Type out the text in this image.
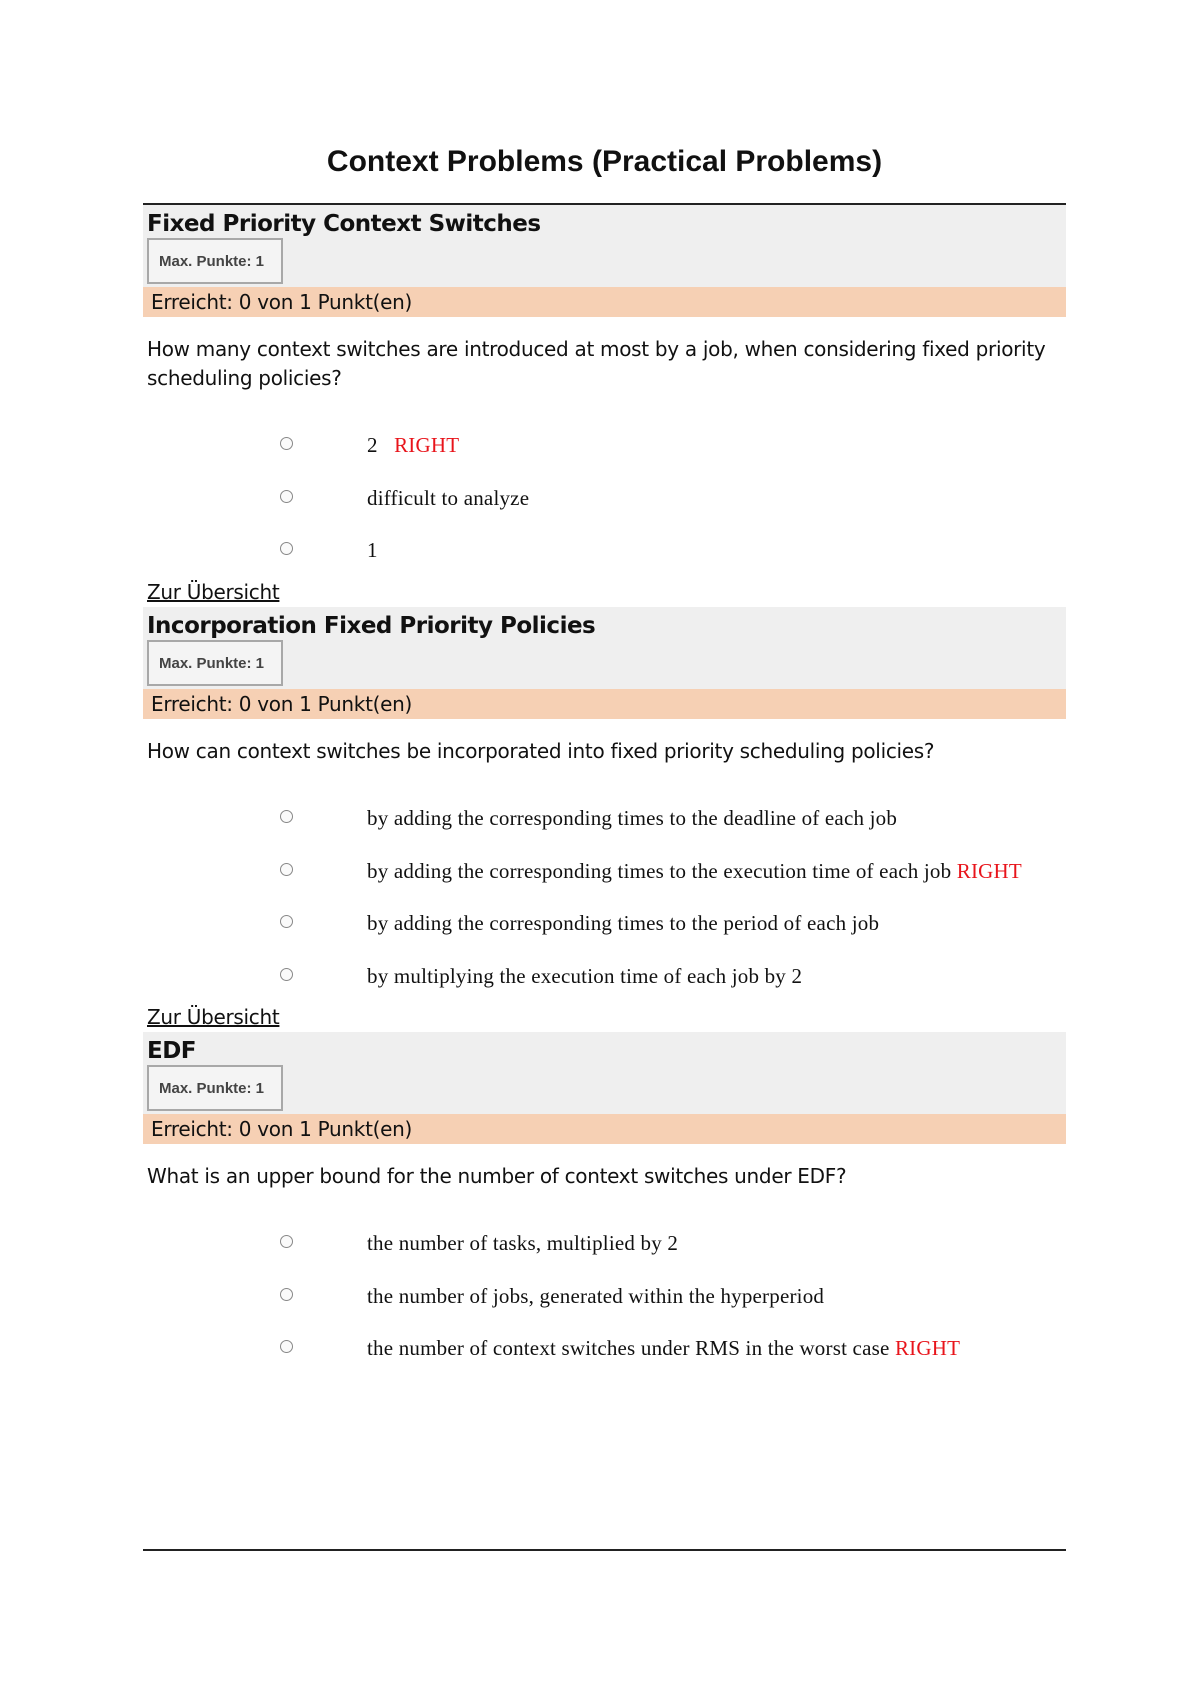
Context Problems (Practical Problems)
Fixed Priority Context Switches
Max. Punkte: 1
Erreicht: 0 von 1 Punkt(en)
How many context switches are introduced at most by a job, when considering fixed priority scheduling policies?
2 RIGHT
difficult to analyze
1
Zur Übersicht
Incorporation Fixed Priority Policies
Max. Punkte: 1
Erreicht: 0 von 1 Punkt(en)
How can context switches be incorporated into fixed priority scheduling policies?
by adding the corresponding times to the deadline of each job
by adding the corresponding times to the execution time of each job RIGHT
by adding the corresponding times to the period of each job
by multiplying the execution time of each job by 2
Zur Übersicht
EDF
Max. Punkte: 1
Erreicht: 0 von 1 Punkt(en)
What is an upper bound for the number of context switches under EDF?
the number of tasks, multiplied by 2
the number of jobs, generated within the hyperperiod
the number of context switches under RMS in the worst case RIGHT
